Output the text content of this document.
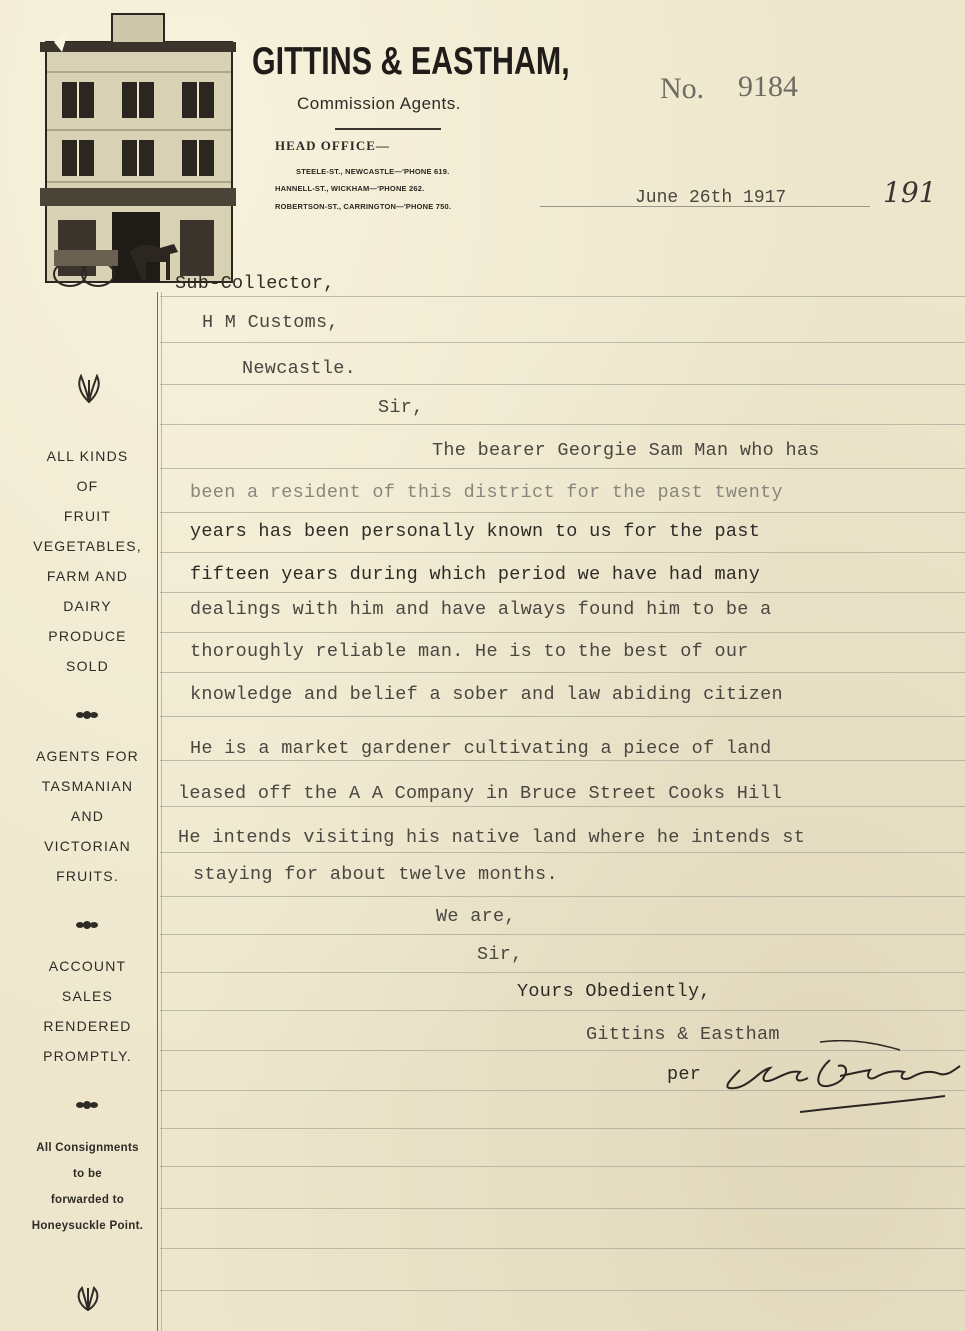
GITTINS & EASTHAM,
Commission Agents.
HEAD OFFICE—
STEELE-ST., NEWCASTLE—'PHONE 619.
HANNELL-ST., WICKHAM—'PHONE 262.
ROBERTSON-ST., CARRINGTON—'PHONE 750.
No. 9184
June 26th 1917	191
ALL KINDS
OF
FRUIT
VEGETABLES,
FARM AND
DAIRY
PRODUCE
SOLD
AGENTS FOR
TASMANIAN
AND
VICTORIAN
FRUITS.
ACCOUNT
SALES
RENDERED
PROMPTLY.
All Consignments
to be
forwarded to
Honeysuckle Point.
Sub-Collector,
H M Customs,
Newcastle.
Sir,
The bearer Georgie Sam Man who has
been a resident of this district for the past twenty
years has been personally known to us for the past
fifteen years during which period we have had many
dealings with him and have always found him to be a
thoroughly reliable man. He is to the best of our
knowledge and belief a sober and law abiding citizen
He is a market gardener cultivating a piece of land
leased off the A A Company in Bruce Street Cooks Hill
He intends visiting his native land where he intends st
staying for about twelve months.
We are,
Sir,
Yours Obediently,
Gittins & Eastham
per
